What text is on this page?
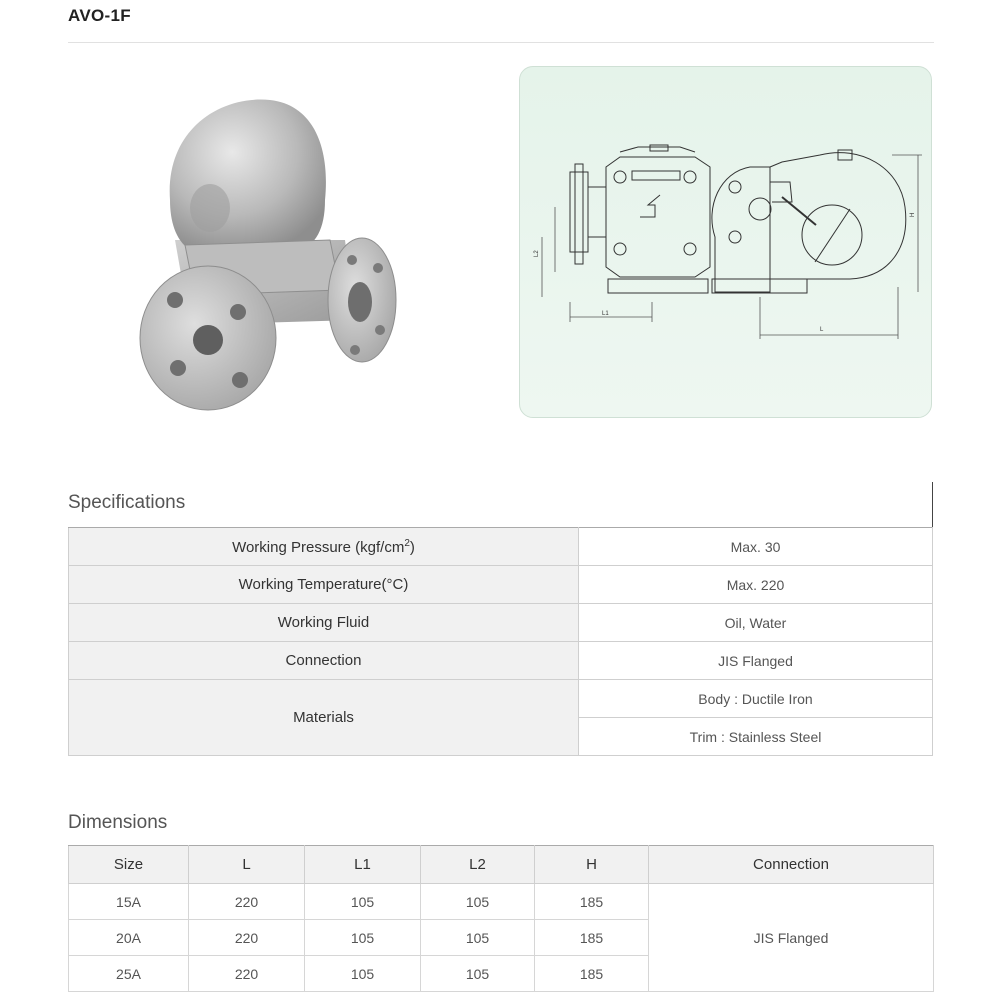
AVO-1F
L1
L
L2
H
Specifications
Working Pressure $(kgf/cm^2)$	Max. 30
Working Temperature(°C)	Max. 220
Working Fluid	Oil, Water
Connection	JIS Flanged
Materials	Body : Ductile Iron
	Trim : Stainless Steel
Dimensions
Size	L	L1	L2	H	Connection
15A	220	105	105	185	JIS Flanged
20A	220	105	105	185	
25A	220	105	105	185	
